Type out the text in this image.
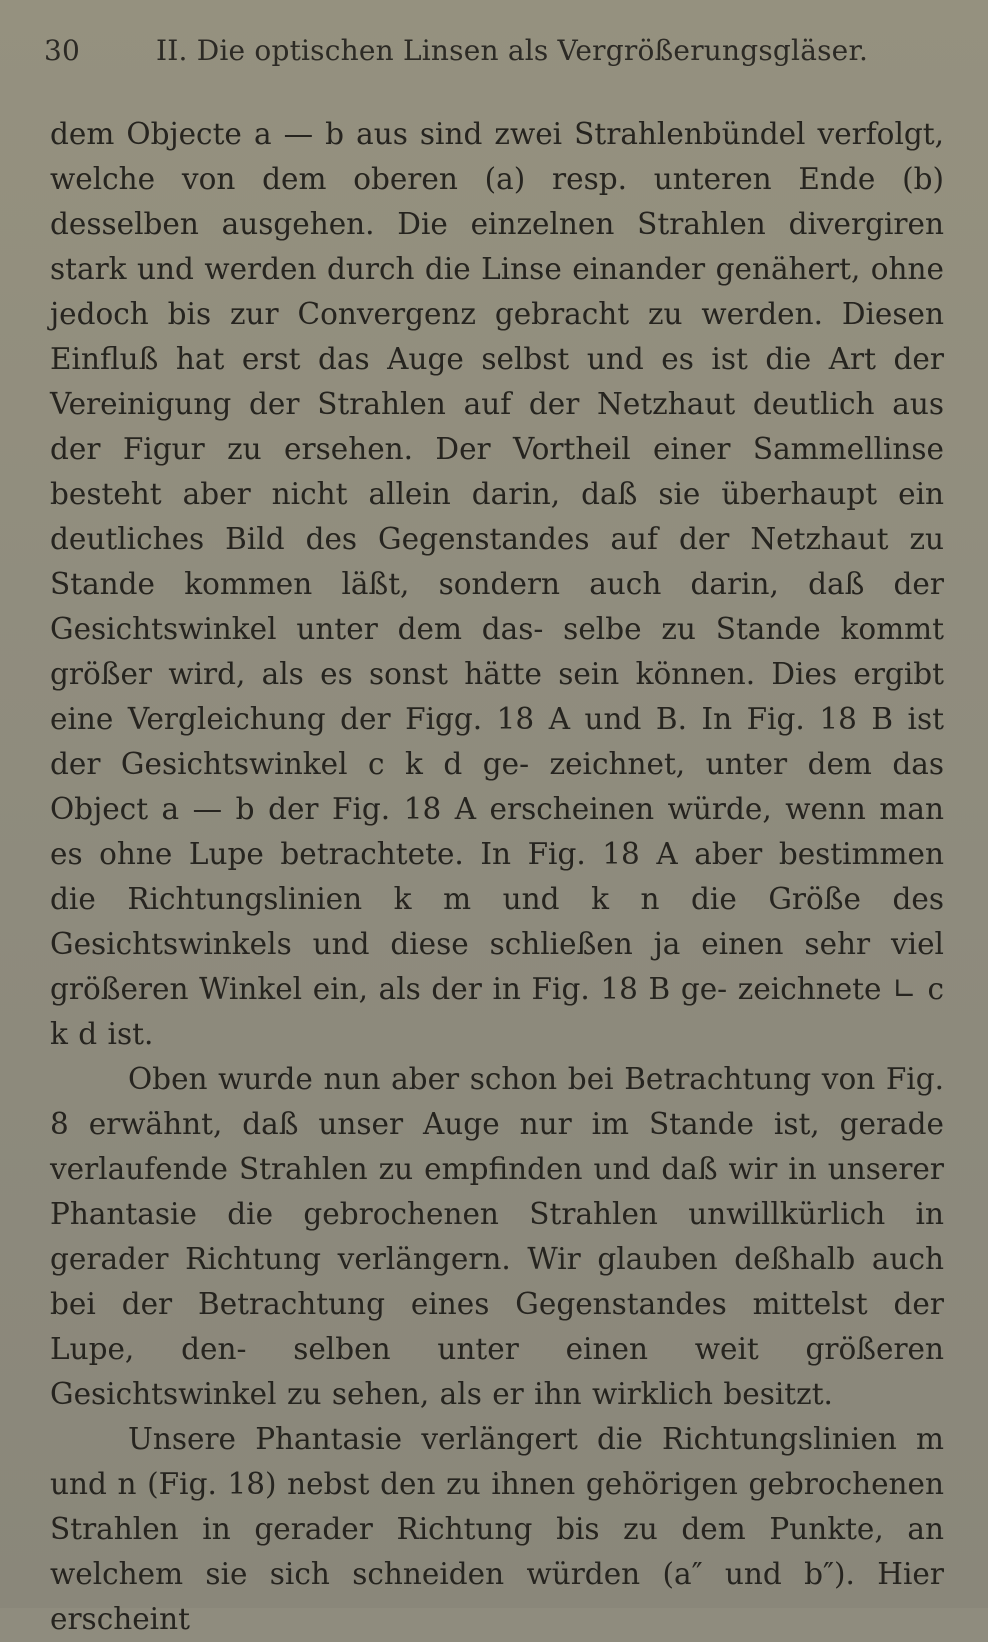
30	II. Die optischen Linsen als Vergrößerungsgläser.

dem Objecte a — b aus sind zwei Strahlenbündel verfolgt, welche von dem oberen (a) resp. unteren Ende (b) desselben ausgehen. Die einzelnen Strahlen divergiren stark und werden durch die Linse einander genähert, ohne jedoch bis zur Convergenz gebracht zu werden. Diesen Einfluß hat erst das Auge selbst und es ist die Art der Vereinigung der Strahlen auf der Netzhaut deutlich aus der Figur zu ersehen. Der Vortheil einer Sammellinse besteht aber nicht allein darin, daß sie überhaupt ein deutliches Bild des Gegenstandes auf der Netzhaut zu Stande kommen läßt, sondern auch darin, daß der Gesichtswinkel unter dem das- selbe zu Stande kommt größer wird, als es sonst hätte sein können. Dies ergibt eine Vergleichung der Figg. 18 A und B. In Fig. 18 B ist der Gesichtswinkel c k d ge- zeichnet, unter dem das Object a — b der Fig. 18 A erscheinen würde, wenn man es ohne Lupe betrachtete. In Fig. 18 A aber bestimmen die Richtungslinien k m und k n die Größe des Gesichtswinkels und diese schließen ja einen sehr viel größeren Winkel ein, als der in Fig. 18 B ge- zeichnete ∟ c k d ist.

Oben wurde nun aber schon bei Betrachtung von Fig. 8 erwähnt, daß unser Auge nur im Stande ist, gerade verlaufende Strahlen zu empfinden und daß wir in unserer Phantasie die gebrochenen Strahlen unwillkürlich in gerader Richtung verlängern. Wir glauben deßhalb auch bei der Betrachtung eines Gegenstandes mittelst der Lupe, den- selben unter einen weit größeren Gesichtswinkel zu sehen, als er ihn wirklich besitzt.

Unsere Phantasie verlängert die Richtungslinien m und n (Fig. 18) nebst den zu ihnen gehörigen gebrochenen Strahlen in gerader Richtung bis zu dem Punkte, an welchem sie sich schneiden würden (a″ und b″). Hier erscheint
